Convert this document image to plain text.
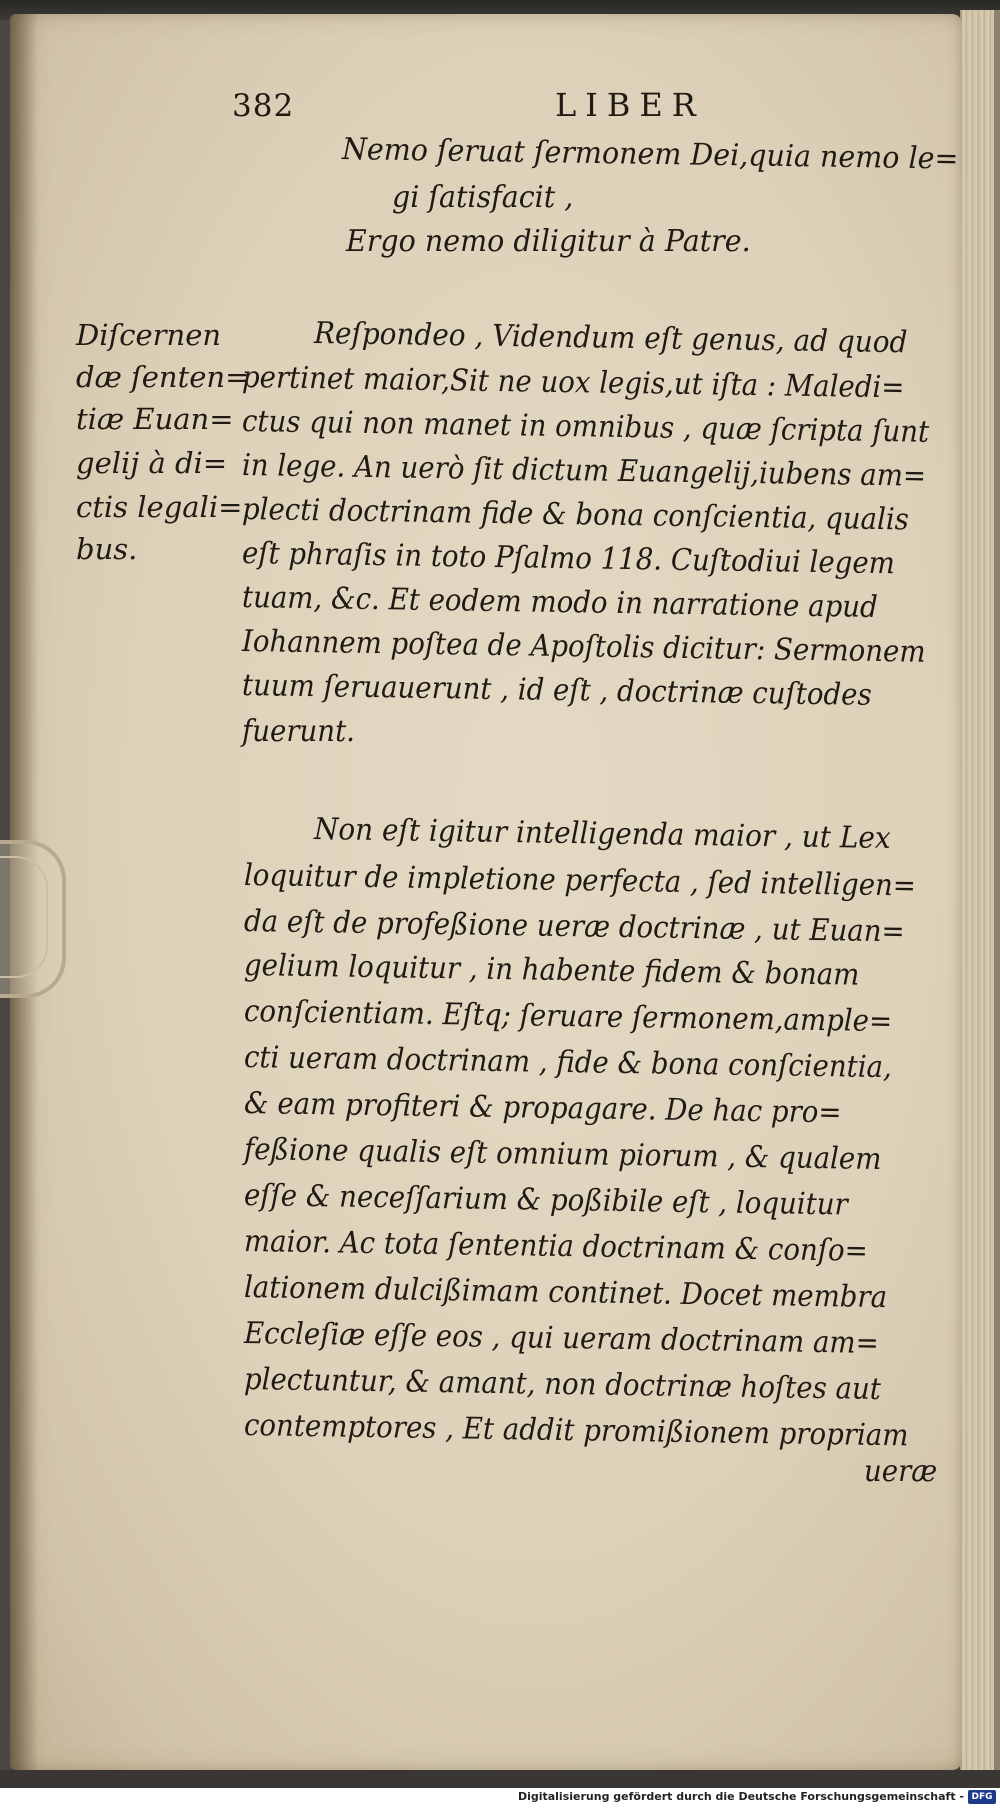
382	LIBER
Nemo ſeruat ſermonem Dei,quia nemo le=
gi ſatisfacit ,
Ergo nemo diligitur à Patre.
Diſcernen
dæ ſenten=
tiæ Euan=
gelij à di=
ctis legali=
bus.
Reſpondeo , Videndum eſt genus, ad quod
pertinet maior,Sit ne uox legis,ut iſta : Maledi=
ctus qui non manet in omnibus , quæ ſcripta ſunt
in lege. An uerò ſit dictum Euangelij,iubens am=
plecti doctrinam fide & bona conſcientia, qualis
eſt phraſis in toto Pſalmo 118. Cuſtodiui legem
tuam, &c. Et eodem modo in narratione apud
Iohannem poſtea de Apoſtolis dicitur: Sermonem
tuum ſeruauerunt , id eſt , doctrinæ cuſtodes
fuerunt.
Non eſt igitur intelligenda maior , ut Lex
loquitur de impletione perfecta , ſed intelligen=
da eſt de profeßione ueræ doctrinæ , ut Euan=
gelium loquitur , in habente fidem & bonam
conſcientiam. Eſtq; ſeruare ſermonem,ample=
cti ueram doctrinam , fide & bona conſcientia,
& eam profiteri & propagare. De hac pro=
feßione qualis eſt omnium piorum , & qualem
eſſe & neceſſarium & poßibile eſt , loquitur
maior. Ac tota ſententia doctrinam & conſo=
lationem dulcißimam continet. Docet membra
Eccleſiæ eſſe eos , qui ueram doctrinam am=
plectuntur, & amant, non doctrinæ hoſtes aut
contemptores , Et addit promißionem propriam
ueræ
Digitalisierung gefördert durch die Deutsche Forschungsgemeinschaft - DFG
